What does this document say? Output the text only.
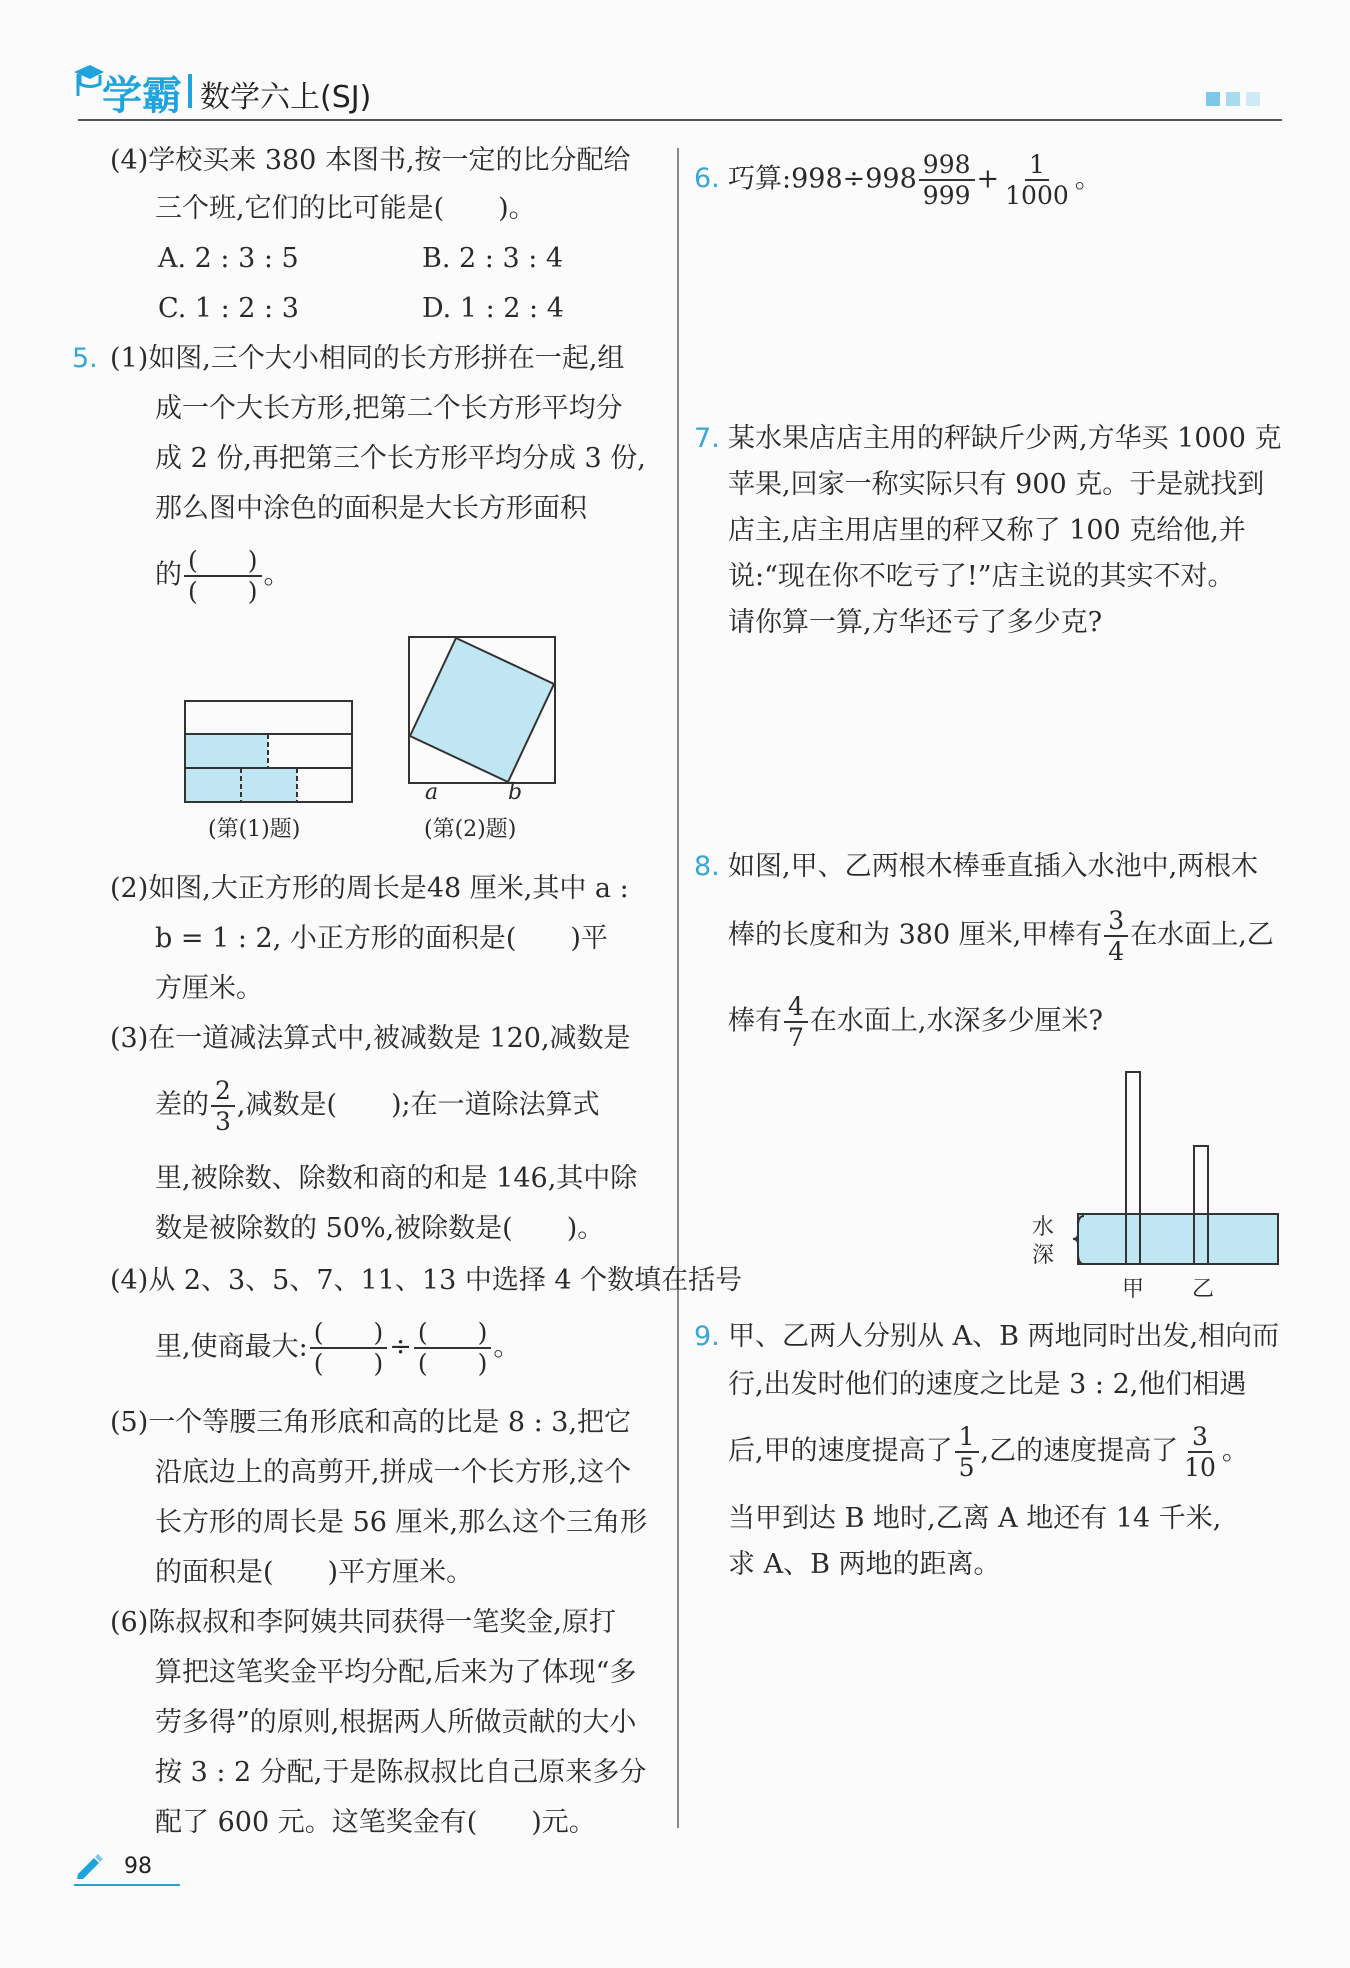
学霸 数学六上(SJ)
(4)学校买来 380 本图书,按一定的比分配给
三个班,它们的比可能是(　　)。
A. 2 : 3 : 5	B. 2 : 3 : 4
C. 1 : 2 : 3	D. 1 : 2 : 4
5. (1)如图,三个大小相同的长方形拼在一起,组
成一个大长方形,把第二个长方形平均分
成 2 份,再把第三个长方形平均分成 3 份,
那么图中涂色的面积是大长方形面积
的 $\frac{( )}{( )}$ 。
(第(1)题)
a	b
(第(2)题)
(2)如图,大正方形的周长是48 厘米,其中 a :
b = 1 : 2, 小正方形的面积是(　　)平
方厘米。
(3)在一道减法算式中,被减数是 120,减数是
差的 $\frac{2}{3}$ ,减数是(　　);在一道除法算式
里,被除数、除数和商的和是 146,其中除
数是被除数的 50%,被除数是(　　)。
(4)从 2、3、5、7、11、13 中选择 4 个数填在括号
里,使商最大: $\frac{( )}{( )} \div \frac{( )}{( )}$ 。
(5)一个等腰三角形底和高的比是 8 : 3,把它
沿底边上的高剪开,拼成一个长方形,这个
长方形的周长是 56 厘米,那么这个三角形
的面积是(　　)平方厘米。
(6)陈叔叔和李阿姨共同获得一笔奖金,原打
算把这笔奖金平均分配,后来为了体现“多
劳多得”的原则,根据两人所做贡献的大小
按 3 : 2 分配,于是陈叔叔比自己原来多分
配了 600 元。这笔奖金有(　　)元。
6. 巧算:998÷998 $\frac{998}{999} + \frac{1}{1000}$ 。
7. 某水果店店主用的秤缺斤少两,方华买 1000 克
苹果,回家一称实际只有 900 克。于是就找到
店主,店主用店里的秤又称了 100 克给他,并
说:“现在你不吃亏了!”店主说的其实不对。
请你算一算,方华还亏了多少克?
8. 如图,甲、乙两根木棒垂直插入水池中,两根木
棒的长度和为 380 厘米,甲棒有 $\frac{3}{4}$ 在水面上,乙
棒有 $\frac{4}{7}$ 在水面上,水深多少厘米?
水
深
甲 乙
9. 甲、乙两人分别从 A、B 两地同时出发,相向而
行,出发时他们的速度之比是 3 : 2,他们相遇
后,甲的速度提高了 $\frac{1}{5}$ ,乙的速度提高了 $\frac{3}{10}$ 。
当甲到达 B 地时,乙离 A 地还有 14 千米,
求 A、B 两地的距离。
98
